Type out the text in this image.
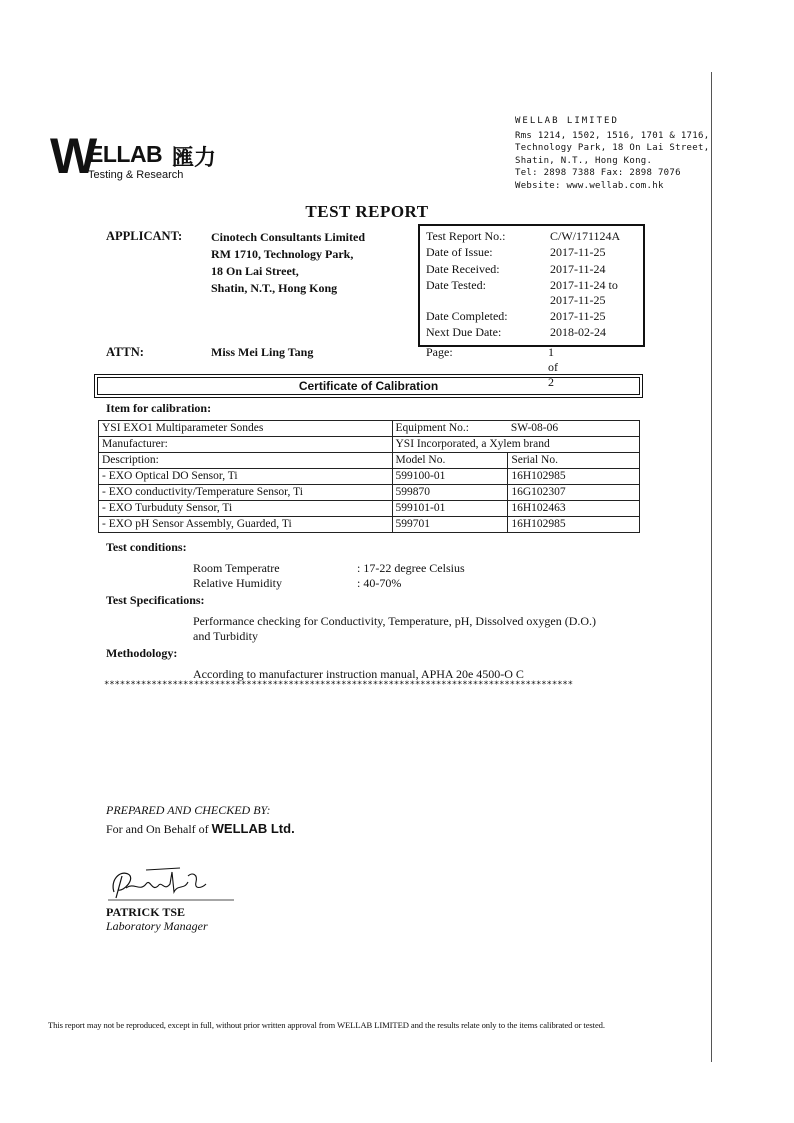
W
ELLAB 匯力
Testing & Research
WELLAB LIMITED
Rms 1214, 1502, 1516, 1701 & 1716,
Technology Park, 18 On Lai Street,
Shatin, N.T., Hong Kong.
Tel: 2898 7388 Fax: 2898 7076
Website: www.wellab.com.hk
TEST REPORT
APPLICANT: Cinotech Consultants Limited
RM 1710, Technology Park,
18 On Lai Street,
Shatin, N.T., Hong Kong
Test Report No.:	C/W/171124A
Date of Issue:	2017-11-25
Date Received:	2017-11-24
Date Tested:	2017-11-24 to
2017-11-25
Date Completed:	2017-11-25
Next Due Date:	2018-02-24
ATTN:	Miss Mei Ling Tang	Page:	1 of 2
Certificate of Calibration
Item for calibration:
YSI EXO1 Multiparameter Sondes	Equipment No.:	SW-08-06
Manufacturer:	YSI Incorporated, a Xylem brand	
Description:	Model No.	Serial No.
- EXO Optical DO Sensor, Ti	599100-01	16H102985
- EXO conductivity/Temperature Sensor, Ti	599870	16G102307
- EXO Turbuduty Sensor, Ti	599101-01	16H102463
- EXO pH Sensor Assembly, Guarded, Ti	599701	16H102985
Test conditions:
Room Temperatre	: 17-22 degree Celsius
Relative Humidity	: 40-70%
Test Specifications:
Performance checking for Conductivity, Temperature, pH, Dissolved oxygen (D.O.)
and Turbidity
Methodology:
According to manufacturer instruction manual, APHA 20e 4500-O C
*****************************************************************************************
PREPARED AND CHECKED BY:
For and On Behalf of WELLAB Ltd.
PATRICK TSE
Laboratory Manager
This report may not be reproduced, except in full, without prior written approval from WELLAB LIMITED and the results relate only to the items calibrated or tested.
